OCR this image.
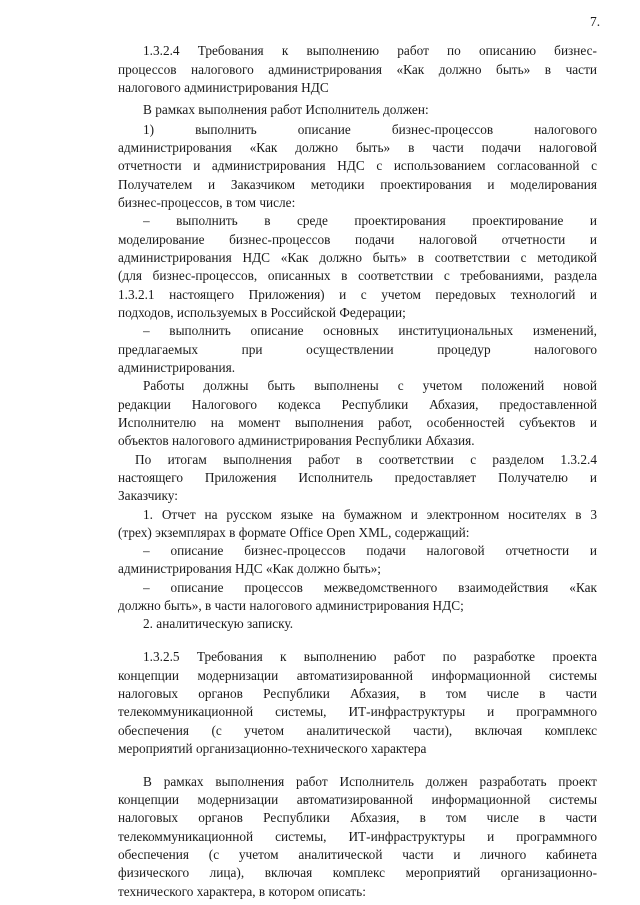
7.
1.3.2.4 Требования к выполнению работ по описанию бизнес-
процессов налогового администрирования «Как должно быть» в части
налогового администрирования НДС
В рамках выполнения работ Исполнитель должен:
1) выполнить описание бизнес-процессов налогового
администрирования «Как должно быть» в части подачи налоговой
отчетности и администрирования НДС с использованием согласованной с
Получателем и Заказчиком методики проектирования и моделирования
бизнес-процессов, в том числе:
– выполнить в среде проектирования проектирование и
моделирование бизнес-процессов подачи налоговой отчетности и
администрирования НДС «Как должно быть» в соответствии с методикой
(для бизнес-процессов, описанных в соответствии с требованиями, раздела
1.3.2.1 настоящего Приложения) и с учетом передовых технологий и
подходов, используемых в Российской Федерации;
– выполнить описание основных институциональных изменений,
предлагаемых при осуществлении процедур налогового
администрирования.
Работы должны быть выполнены с учетом положений новой
редакции Налогового кодекса Республики Абхазия, предоставленной
Исполнителю на момент выполнения работ, особенностей субъектов и
объектов налогового администрирования Республики Абхазия.
По итогам выполнения работ в соответствии с разделом 1.3.2.4
настоящего Приложения Исполнитель предоставляет Получателю и
Заказчику:
1. Отчет на русском языке на бумажном и электронном носителях в 3
(трех) экземплярах в формате Office Open XML, содержащий:
– описание бизнес-процессов подачи налоговой отчетности и
администрирования НДС «Как должно быть»;
– описание процессов межведомственного взаимодействия «Как
должно быть», в части налогового администрирования НДС;
2. аналитическую записку.
1.3.2.5 Требования к выполнению работ по разработке проекта
концепции модернизации автоматизированной информационной системы
налоговых органов Республики Абхазия, в том числе в части
телекоммуникационной системы, ИТ-инфраструктуры и программного
обеспечения (с учетом аналитической части), включая комплекс
мероприятий организационно-технического характера
В рамках выполнения работ Исполнитель должен разработать проект
концепции модернизации автоматизированной информационной системы
налоговых органов Республики Абхазия, в том числе в части
телекоммуникационной системы, ИТ-инфраструктуры и программного
обеспечения (с учетом аналитической части и личного кабинета
физического лица), включая комплекс мероприятий организационно-
технического характера, в котором описать:
